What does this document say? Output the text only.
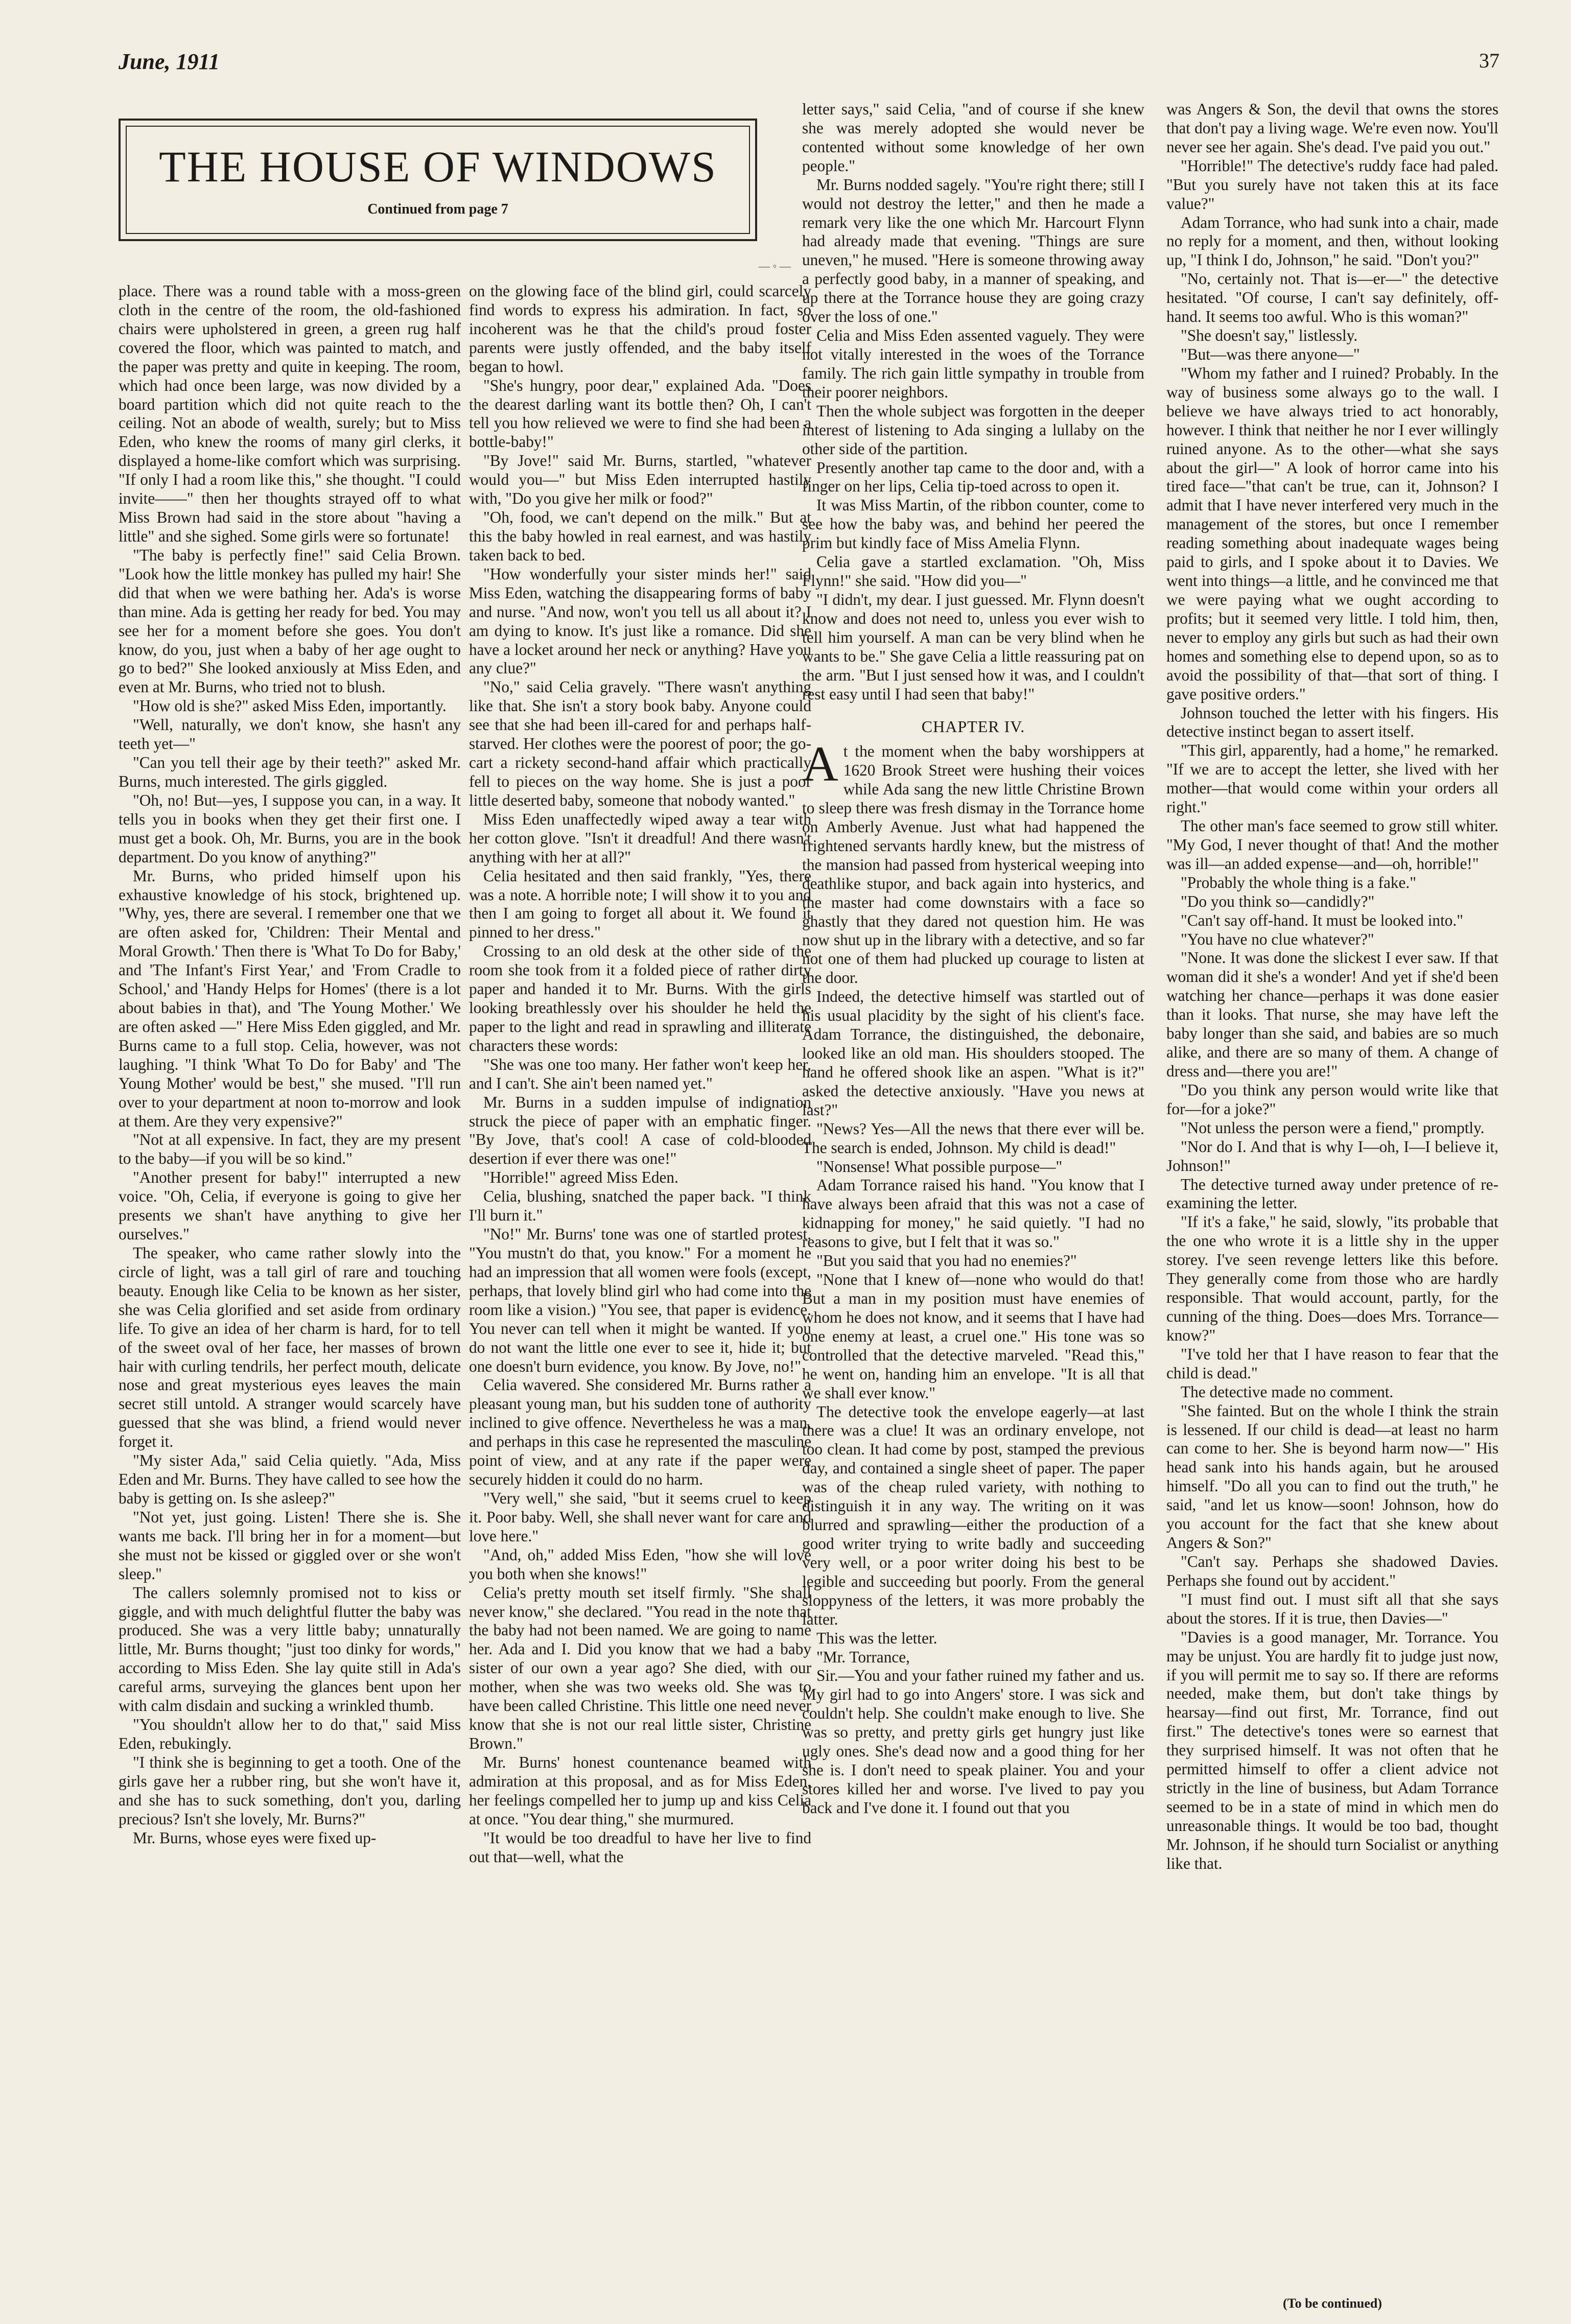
June, 1911	37
THE HOUSE OF WINDOWS
Continued from page 7
— ◦ —

place. There was a round table with a moss-green cloth in the centre of the room, the old-fashioned chairs were upholstered in green, a green rug half covered the floor, which was painted to match, and the paper was pretty and quite in keeping. The room, which had once been large, was now divided by a board partition which did not quite reach to the ceiling. Not an abode of wealth, surely; but to Miss Eden, who knew the rooms of many girl clerks, it displayed a home-like comfort which was surprising. "If only I had a room like this," she thought. "I could invite——" then her thoughts strayed off to what Miss Brown had said in the store about "having a little" and she sighed. Some girls were so fortunate!

"The baby is perfectly fine!" said Celia Brown. "Look how the little monkey has pulled my hair! She did that when we were bathing her. Ada's is worse than mine. Ada is getting her ready for bed. You may see her for a moment before she goes. You don't know, do you, just when a baby of her age ought to go to bed?" She looked anxiously at Miss Eden, and even at Mr. Burns, who tried not to blush.

"How old is she?" asked Miss Eden, importantly.

"Well, naturally, we don't know, she hasn't any teeth yet—"

"Can you tell their age by their teeth?" asked Mr. Burns, much interested. The girls giggled.

"Oh, no! But—yes, I suppose you can, in a way. It tells you in books when they get their first one. I must get a book. Oh, Mr. Burns, you are in the book department. Do you know of anything?"

Mr. Burns, who prided himself upon his exhaustive knowledge of his stock, brightened up. "Why, yes, there are several. I remember one that we are often asked for, 'Children: Their Mental and Moral Growth.' Then there is 'What To Do for Baby,' and 'The Infant's First Year,' and 'From Cradle to School,' and 'Handy Helps for Homes' (there is a lot about babies in that), and 'The Young Mother.' We are often asked —" Here Miss Eden giggled, and Mr. Burns came to a full stop. Celia, however, was not laughing. "I think 'What To Do for Baby' and 'The Young Mother' would be best," she mused. "I'll run over to your department at noon to-morrow and look at them. Are they very expensive?"

"Not at all expensive. In fact, they are my present to the baby—if you will be so kind."

"Another present for baby!" interrupted a new voice. "Oh, Celia, if everyone is going to give her presents we shan't have anything to give her ourselves."

The speaker, who came rather slowly into the circle of light, was a tall girl of rare and touching beauty. Enough like Celia to be known as her sister, she was Celia glorified and set aside from ordinary life. To give an idea of her charm is hard, for to tell of the sweet oval of her face, her masses of brown hair with curling tendrils, her perfect mouth, delicate nose and great mysterious eyes leaves the main secret still untold. A stranger would scarcely have guessed that she was blind, a friend would never forget it.

"My sister Ada," said Celia quietly. "Ada, Miss Eden and Mr. Burns. They have called to see how the baby is getting on. Is she asleep?"

"Not yet, just going. Listen! There she is. She wants me back. I'll bring her in for a moment—but she must not be kissed or giggled over or she won't sleep."

The callers solemnly promised not to kiss or giggle, and with much delightful flutter the baby was produced. She was a very little baby; unnaturally little, Mr. Burns thought; "just too dinky for words," according to Miss Eden. She lay quite still in Ada's careful arms, surveying the glances bent upon her with calm disdain and sucking a wrinkled thumb.

"You shouldn't allow her to do that," said Miss Eden, rebukingly.

"I think she is beginning to get a tooth. One of the girls gave her a rubber ring, but she won't have it, and she has to suck something, don't you, darling precious? Isn't she lovely, Mr. Burns?"

Mr. Burns, whose eyes were fixed up-

on the glowing face of the blind girl, could scarcely find words to express his admiration. In fact, so incoherent was he that the child's proud foster parents were justly offended, and the baby itself began to howl.

"She's hungry, poor dear," explained Ada. "Does the dearest darling want its bottle then? Oh, I can't tell you how relieved we were to find she had been a bottle-baby!"

"By Jove!" said Mr. Burns, startled, "whatever would you—" but Miss Eden interrupted hastily with, "Do you give her milk or food?"

"Oh, food, we can't depend on the milk." But at this the baby howled in real earnest, and was hastily taken back to bed.

"How wonderfully your sister minds her!" said Miss Eden, watching the disappearing forms of baby and nurse. "And now, won't you tell us all about it? I am dying to know. It's just like a romance. Did she have a locket around her neck or anything? Have you any clue?"

"No," said Celia gravely. "There wasn't anything like that. She isn't a story book baby. Anyone could see that she had been ill-cared for and perhaps half-starved. Her clothes were the poorest of poor; the go-cart a rickety second-hand affair which practically fell to pieces on the way home. She is just a poor little deserted baby, someone that nobody wanted."

Miss Eden unaffectedly wiped away a tear with her cotton glove. "Isn't it dreadful! And there wasn't anything with her at all?"

Celia hesitated and then said frankly, "Yes, there was a note. A horrible note; I will show it to you and then I am going to forget all about it. We found it pinned to her dress."

Crossing to an old desk at the other side of the room she took from it a folded piece of rather dirty paper and handed it to Mr. Burns. With the girls looking breathlessly over his shoulder he held the paper to the light and read in sprawling and illiterate characters these words:

"She was one too many. Her father won't keep her, and I can't. She ain't been named yet."

Mr. Burns in a sudden impulse of indignation struck the piece of paper with an emphatic finger. "By Jove, that's cool! A case of cold-blooded desertion if ever there was one!"

"Horrible!" agreed Miss Eden.

Celia, blushing, snatched the paper back. "I think I'll burn it."

"No!" Mr. Burns' tone was one of startled protest. "You mustn't do that, you know." For a moment he had an impression that all women were fools (except, perhaps, that lovely blind girl who had come into the room like a vision.) "You see, that paper is evidence. You never can tell when it might be wanted. If you do not want the little one ever to see it, hide it; but one doesn't burn evidence, you know. By Jove, no!"

Celia wavered. She considered Mr. Burns rather a pleasant young man, but his sudden tone of authority inclined to give offence. Nevertheless he was a man, and perhaps in this case he represented the masculine point of view, and at any rate if the paper were securely hidden it could do no harm.

"Very well," she said, "but it seems cruel to keep it. Poor baby. Well, she shall never want for care and love here."

"And, oh," added Miss Eden, "how she will love you both when she knows!"

Celia's pretty mouth set itself firmly. "She shall never know," she declared. "You read in the note that the baby had not been named. We are going to name her. Ada and I. Did you know that we had a baby sister of our own a year ago? She died, with our mother, when she was two weeks old. She was to have been called Christine. This little one need never know that she is not our real little sister, Christine Brown."

Mr. Burns' honest countenance beamed with admiration at this proposal, and as for Miss Eden, her feelings compelled her to jump up and kiss Celia at once. "You dear thing," she murmured.

"It would be too dreadful to have her live to find out that—well, what the

letter says," said Celia, "and of course if she knew she was merely adopted she would never be contented without some knowledge of her own people."

Mr. Burns nodded sagely. "You're right there; still I would not destroy the letter," and then he made a remark very like the one which Mr. Harcourt Flynn had already made that evening. "Things are sure uneven," he mused. "Here is someone throwing away a perfectly good baby, in a manner of speaking, and up there at the Torrance house they are going crazy over the loss of one."

Celia and Miss Eden assented vaguely. They were not vitally interested in the woes of the Torrance family. The rich gain little sympathy in trouble from their poorer neighbors.

Then the whole subject was forgotten in the deeper interest of listening to Ada singing a lullaby on the other side of the partition.

Presently another tap came to the door and, with a finger on her lips, Celia tip-toed across to open it.

It was Miss Martin, of the ribbon counter, come to see how the baby was, and behind her peered the prim but kindly face of Miss Amelia Flynn.

Celia gave a startled exclamation. "Oh, Miss Flynn!" she said. "How did you—"

"I didn't, my dear. I just guessed. Mr. Flynn doesn't know and does not need to, unless you ever wish to tell him yourself. A man can be very blind when he wants to be." She gave Celia a little reassuring pat on the arm. "But I just sensed how it was, and I couldn't rest easy until I had seen that baby!"

CHAPTER IV.

At the moment when the baby worshippers at 1620 Brook Street were hushing their voices while Ada sang the new little Christine Brown to sleep there was fresh dismay in the Torrance home on Amberly Avenue. Just what had happened the frightened servants hardly knew, but the mistress of the mansion had passed from hysterical weeping into deathlike stupor, and back again into hysterics, and the master had come downstairs with a face so ghastly that they dared not question him. He was now shut up in the library with a detective, and so far not one of them had plucked up courage to listen at the door.

Indeed, the detective himself was startled out of his usual placidity by the sight of his client's face. Adam Torrance, the distinguished, the debonaire, looked like an old man. His shoulders stooped. The hand he offered shook like an aspen. "What is it?" asked the detective anxiously. "Have you news at last?"

"News? Yes—All the news that there ever will be. The search is ended, Johnson. My child is dead!"

"Nonsense! What possible purpose—"

Adam Torrance raised his hand. "You know that I have always been afraid that this was not a case of kidnapping for money," he said quietly. "I had no reasons to give, but I felt that it was so."

"But you said that you had no enemies?"

"None that I knew of—none who would do that! But a man in my position must have enemies of whom he does not know, and it seems that I have had one enemy at least, a cruel one." His tone was so controlled that the detective marveled. "Read this," he went on, handing him an envelope. "It is all that we shall ever know."

The detective took the envelope eagerly—at last there was a clue! It was an ordinary envelope, not too clean. It had come by post, stamped the previous day, and contained a single sheet of paper. The paper was of the cheap ruled variety, with nothing to distinguish it in any way. The writing on it was blurred and sprawling—either the production of a good writer trying to write badly and succeeding very well, or a poor writer doing his best to be legible and succeeding but poorly. From the general sloppyness of the letters, it was more probably the latter.

This was the letter.

"Mr. Torrance,

Sir.—You and your father ruined my father and us. My girl had to go into Angers' store. I was sick and couldn't help. She couldn't make enough to live. She was so pretty, and pretty girls get hungry just like ugly ones. She's dead now and a good thing for her she is. I don't need to speak plainer. You and your stores killed her and worse. I've lived to pay you back and I've done it. I found out that you

was Angers & Son, the devil that owns the stores that don't pay a living wage. We're even now. You'll never see her again. She's dead. I've paid you out."

"Horrible!" The detective's ruddy face had paled. "But you surely have not taken this at its face value?"

Adam Torrance, who had sunk into a chair, made no reply for a moment, and then, without looking up, "I think I do, Johnson," he said. "Don't you?"

"No, certainly not. That is—er—" the detective hesitated. "Of course, I can't say definitely, off-hand. It seems too awful. Who is this woman?"

"She doesn't say," listlessly.

"But—was there anyone—"

"Whom my father and I ruined? Probably. In the way of business some always go to the wall. I believe we have always tried to act honorably, however. I think that neither he nor I ever willingly ruined anyone. As to the other—what she says about the girl—" A look of horror came into his tired face—"that can't be true, can it, Johnson? I admit that I have never interfered very much in the management of the stores, but once I remember reading something about inadequate wages being paid to girls, and I spoke about it to Davies. We went into things—a little, and he convinced me that we were paying what we ought according to profits; but it seemed very little. I told him, then, never to employ any girls but such as had their own homes and something else to depend upon, so as to avoid the possibility of that—that sort of thing. I gave positive orders."

Johnson touched the letter with his fingers. His detective instinct began to assert itself.

"This girl, apparently, had a home," he remarked. "If we are to accept the letter, she lived with her mother—that would come within your orders all right."

The other man's face seemed to grow still whiter. "My God, I never thought of that! And the mother was ill—an added expense—and—oh, horrible!"

"Probably the whole thing is a fake."

"Do you think so—candidly?"

"Can't say off-hand. It must be looked into."

"You have no clue whatever?"

"None. It was done the slickest I ever saw. If that woman did it she's a wonder! And yet if she'd been watching her chance—perhaps it was done easier than it looks. That nurse, she may have left the baby longer than she said, and babies are so much alike, and there are so many of them. A change of dress and—there you are!"

"Do you think any person would write like that for—for a joke?"

"Not unless the person were a fiend," promptly.

"Nor do I. And that is why I—oh, I—I believe it, Johnson!"

The detective turned away under pretence of re-examining the letter.

"If it's a fake," he said, slowly, "its probable that the one who wrote it is a little shy in the upper storey. I've seen revenge letters like this before. They generally come from those who are hardly responsible. That would account, partly, for the cunning of the thing. Does—does Mrs. Torrance—know?"

"I've told her that I have reason to fear that the child is dead."

The detective made no comment.

"She fainted. But on the whole I think the strain is lessened. If our child is dead—at least no harm can come to her. She is beyond harm now—" His head sank into his hands again, but he aroused himself. "Do all you can to find out the truth," he said, "and let us know—soon! Johnson, how do you account for the fact that she knew about Angers & Son?"

"Can't say. Perhaps she shadowed Davies. Perhaps she found out by accident."

"I must find out. I must sift all that she says about the stores. If it is true, then Davies—"

"Davies is a good manager, Mr. Torrance. You may be unjust. You are hardly fit to judge just now, if you will permit me to say so. If there are reforms needed, make them, but don't take things by hearsay—find out first, Mr. Torrance, find out first." The detective's tones were so earnest that they surprised himself. It was not often that he permitted himself to offer a client advice not strictly in the line of business, but Adam Torrance seemed to be in a state of mind in which men do unreasonable things. It would be too bad, thought Mr. Johnson, if he should turn Socialist or anything like that.

(To be continued)
